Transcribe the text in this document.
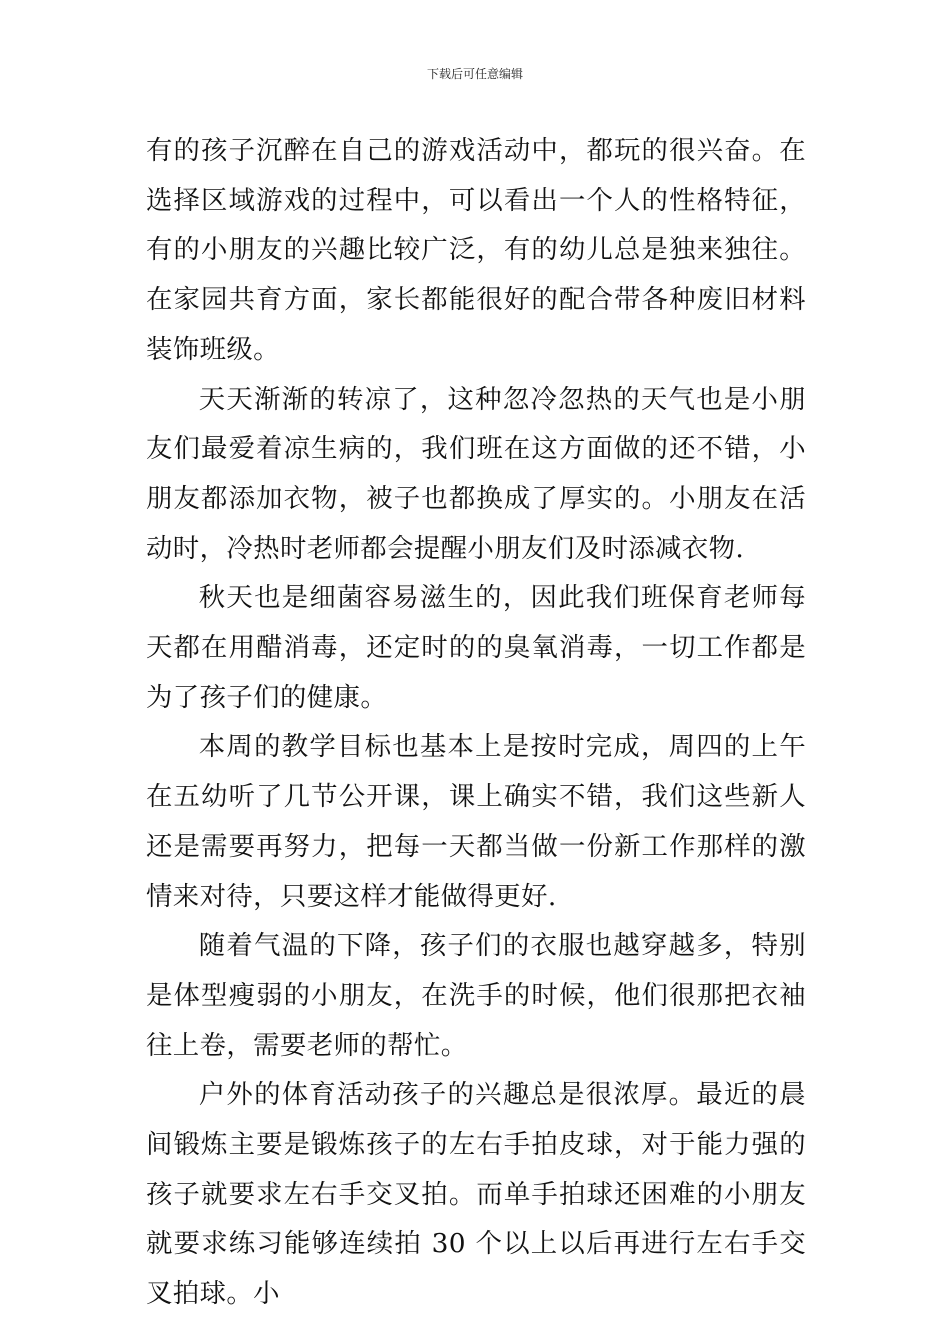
下载后可任意编辑

有的孩子沉醉在自己的游戏活动中，都玩的很兴奋。在选择区域游戏的过程中，可以看出一个人的性格特征，有的小朋友的兴趣比较广泛，有的幼儿总是独来独往。在家园共育方面，家长都能很好的配合带各种废旧材料装饰班级。

天天渐渐的转凉了，这种忽冷忽热的天气也是小朋友们最爱着凉生病的，我们班在这方面做的还不错，小朋友都添加衣物，被子也都换成了厚实的。小朋友在活动时，冷热时老师都会提醒小朋友们及时添减衣物.

秋天也是细菌容易滋生的，因此我们班保育老师每天都在用醋消毒，还定时的的臭氧消毒，一切工作都是为了孩子们的健康。

本周的教学目标也基本上是按时完成，周四的上午在五幼听了几节公开课，课上确实不错，我们这些新人还是需要再努力，把每一天都当做一份新工作那样的激情来对待，只要这样才能做得更好.

随着气温的下降，孩子们的衣服也越穿越多，特别是体型瘦弱的小朋友，在洗手的时候，他们很那把衣袖往上卷，需要老师的帮忙。

户外的体育活动孩子的兴趣总是很浓厚。最近的晨间锻炼主要是锻炼孩子的左右手拍皮球，对于能力强的孩子就要求左右手交叉拍。而单手拍球还困难的小朋友就要求练习能够连续拍 30 个以上以后再进行左右手交叉拍球。小
